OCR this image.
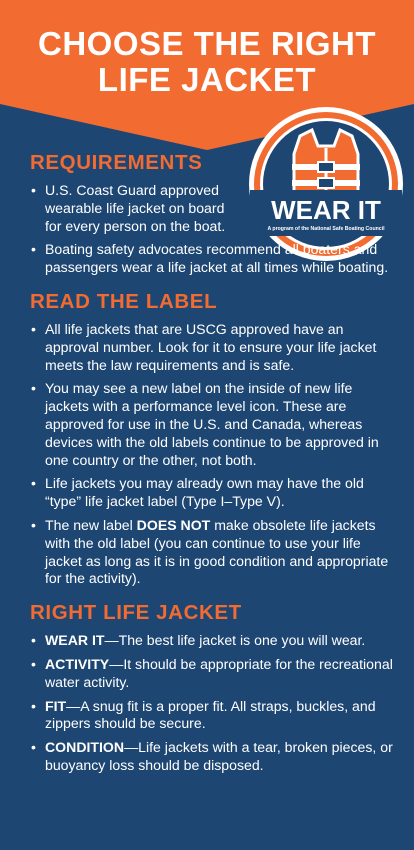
CHOOSE THE RIGHT
LIFE JACKET
WEAR IT
A program of the National Safe Boating Council
REQUIREMENTS
• U.S. Coast Guard approved wearable life jacket on board for every person on the boat.
• Boating safety advocates recommend all boaters and passengers wear a life jacket at all times while boating.
READ THE LABEL
• All life jackets that are USCG approved have an approval number. Look for it to ensure your life jacket meets the law requirements and is safe.
• You may see a new label on the inside of new life jackets with a performance level icon. These are approved for use in the U.S. and Canada, whereas devices with the old labels continue to be approved in one country or the other, not both.
• Life jackets you may already own may have the old “type” life jacket label (Type I–Type V).
• The new label DOES NOT make obsolete life jackets with the old label (you can continue to use your life jacket as long as it is in good condition and appropriate for the activity).
RIGHT LIFE JACKET
• WEAR IT—The best life jacket is one you will wear.
• ACTIVITY—It should be appropriate for the recreational water activity.
• FIT—A snug fit is a proper fit. All straps, buckles, and zippers should be secure.
• CONDITION—Life jackets with a tear, broken pieces, or buoyancy loss should be disposed.
